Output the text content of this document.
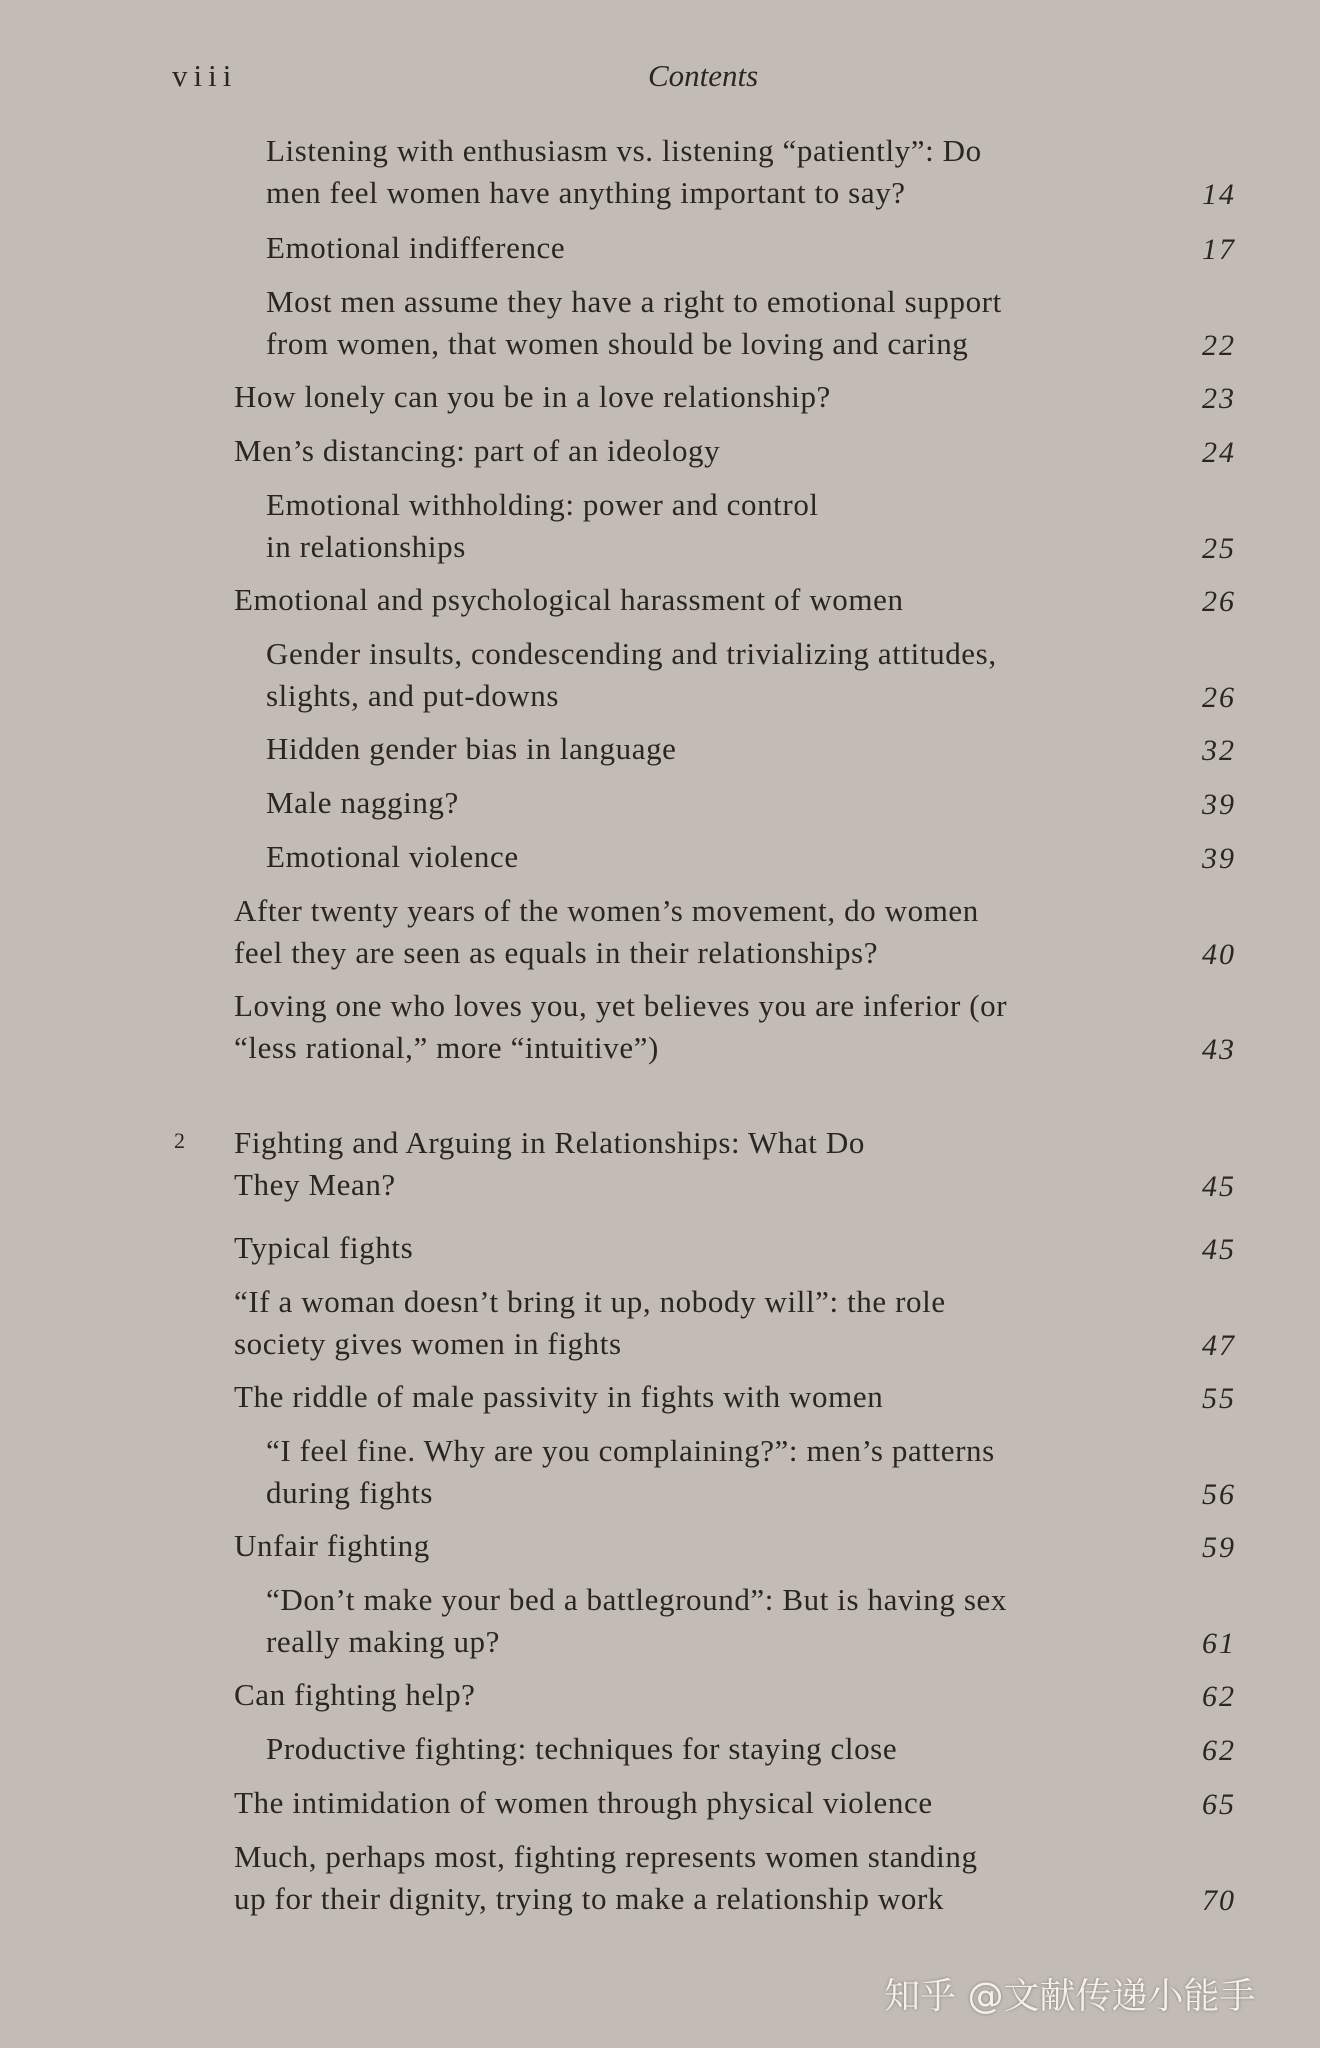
viii	Contents
2
Listening with enthusiasm vs. listening “patiently”: Do
men feel women have anything important to say?	14
Emotional indifference	17
Most men assume they have a right to emotional support
from women, that women should be loving and caring	22
How lonely can you be in a love relationship?	23
Men’s distancing: part of an ideology	24
Emotional withholding: power and control
in relationships	25
Emotional and psychological harassment of women	26
Gender insults, condescending and trivializing attitudes,
slights, and put-downs	26
Hidden gender bias in language	32
Male nagging?	39
Emotional violence	39
After twenty years of the women’s movement, do women
feel they are seen as equals in their relationships?	40
Loving one who loves you, yet believes you are inferior (or
“less rational,” more “intuitive”)	43
Fighting and Arguing in Relationships: What Do
They Mean?	45
Typical fights	45
“If a woman doesn’t bring it up, nobody will”: the role
society gives women in fights	47
The riddle of male passivity in fights with women	55
“I feel fine. Why are you complaining?”: men’s patterns
during fights	56
Unfair fighting	59
“Don’t make your bed a battleground”: But is having sex
really making up?	61
Can fighting help?	62
Productive fighting: techniques for staying close	62
The intimidation of women through physical violence	65
Much, perhaps most, fighting represents women standing
up for their dignity, trying to make a relationship work	70
知乎 @文献传递小能手
